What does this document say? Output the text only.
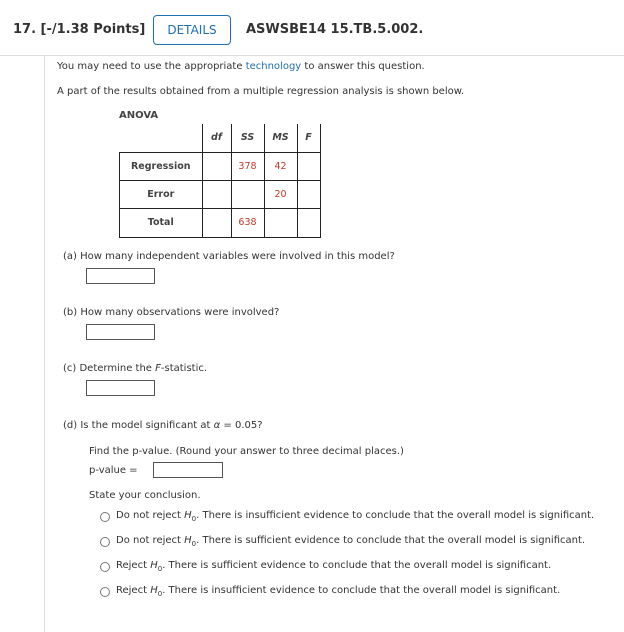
17. [-/1.38 Points]	DETAILS	ASWSBE14 15.TB.5.002.
You may need to use the appropriate technology to answer this question.
A part of the results obtained from a multiple regression analysis is shown below.
ANOVA
	df	SS	MS	F
Regression		378	42	
Error			20	
Total		638		
(a) How many independent variables were involved in this model?
(b) How many observations were involved?
(c) Determine the F-statistic.
(d) Is the model significant at α = 0.05?
Find the p-value. (Round your answer to three decimal places.)
p-value =
State your conclusion.
Do not reject $H_0$. There is insufficient evidence to conclude that the overall model is significant.
Do not reject $H_0$. There is sufficient evidence to conclude that the overall model is significant.
Reject $H_0$. There is sufficient evidence to conclude that the overall model is significant.
Reject $H_0$. There is insufficient evidence to conclude that the overall model is significant.
